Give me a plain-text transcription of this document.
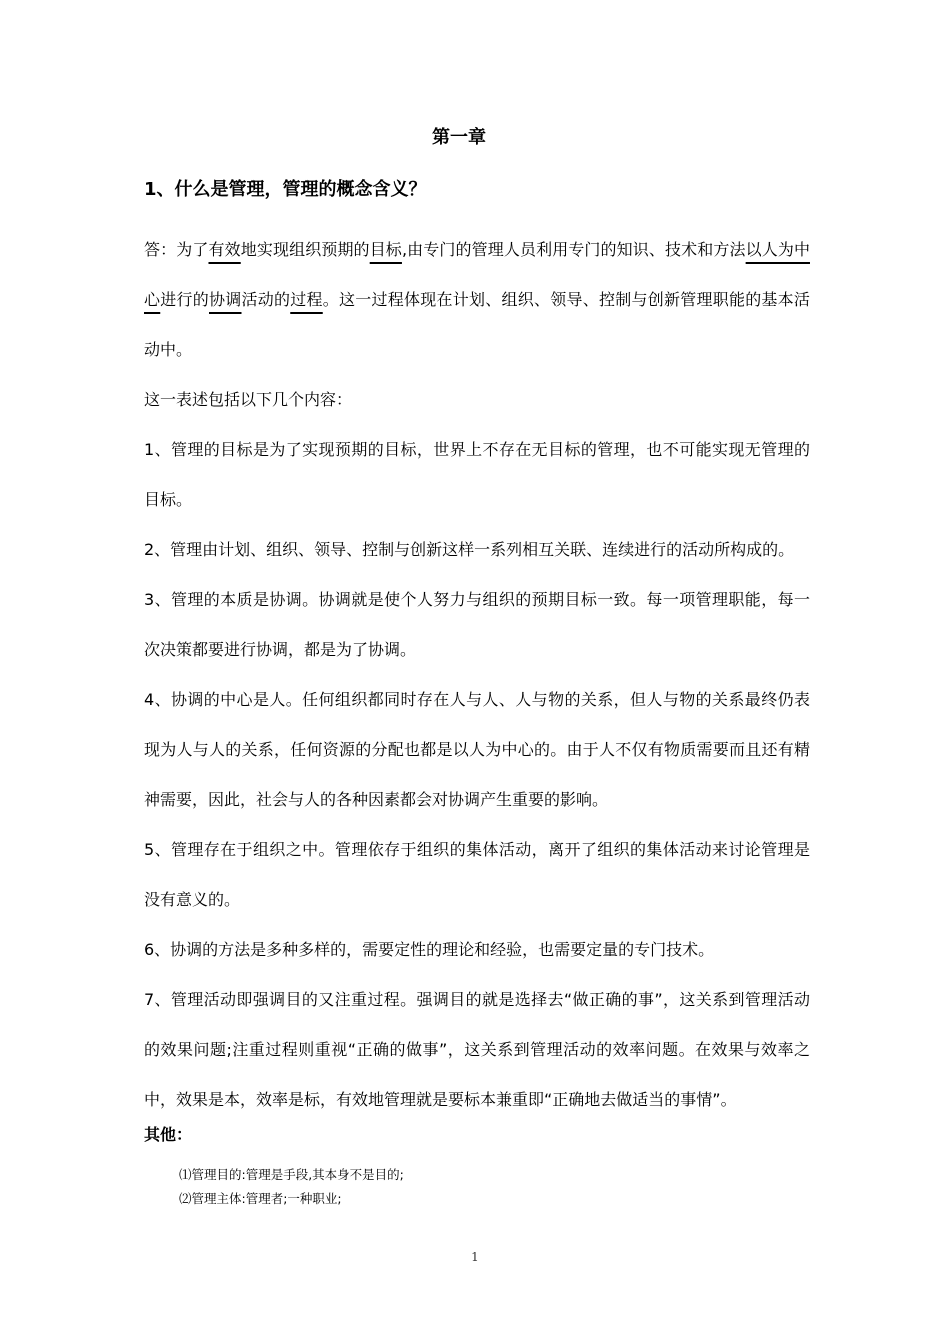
第一章
1、什么是管理，管理的概念含义？

答：为了有效地实现组织预期的目标,由专门的管理人员利用专门的知识、技术和方法以人为中心进行的协调活动的过程。这一过程体现在计划、组织、领导、控制与创新管理职能的基本活动中。

这一表述包括以下几个内容：

1、管理的目标是为了实现预期的目标，世界上不存在无目标的管理，也不可能实现无管理的目标。

2、管理由计划、组织、领导、控制与创新这样一系列相互关联、连续进行的活动所构成的。

3、管理的本质是协调。协调就是使个人努力与组织的预期目标一致。每一项管理职能，每一次决策都要进行协调，都是为了协调。

4、协调的中心是人。任何组织都同时存在人与人、人与物的关系，但人与物的关系最终仍表现为人与人的关系，任何资源的分配也都是以人为中心的。由于人不仅有物质需要而且还有精神需要，因此，社会与人的各种因素都会对协调产生重要的影响。

5、管理存在于组织之中。管理依存于组织的集体活动，离开了组织的集体活动来讨论管理是没有意义的。

6、协调的方法是多种多样的，需要定性的理论和经验，也需要定量的专门技术。

7、管理活动即强调目的又注重过程。强调目的就是选择去“做正确的事”，这关系到管理活动的效果问题;注重过程则重视“正确的做事”，这关系到管理活动的效率问题。在效果与效率之中，效果是本，效率是标，有效地管理就是要标本兼重即“正确地去做适当的事情”。

其他：
⑴管理目的:管理是手段,其本身不是目的;
⑵管理主体:管理者;一种职业;
1
